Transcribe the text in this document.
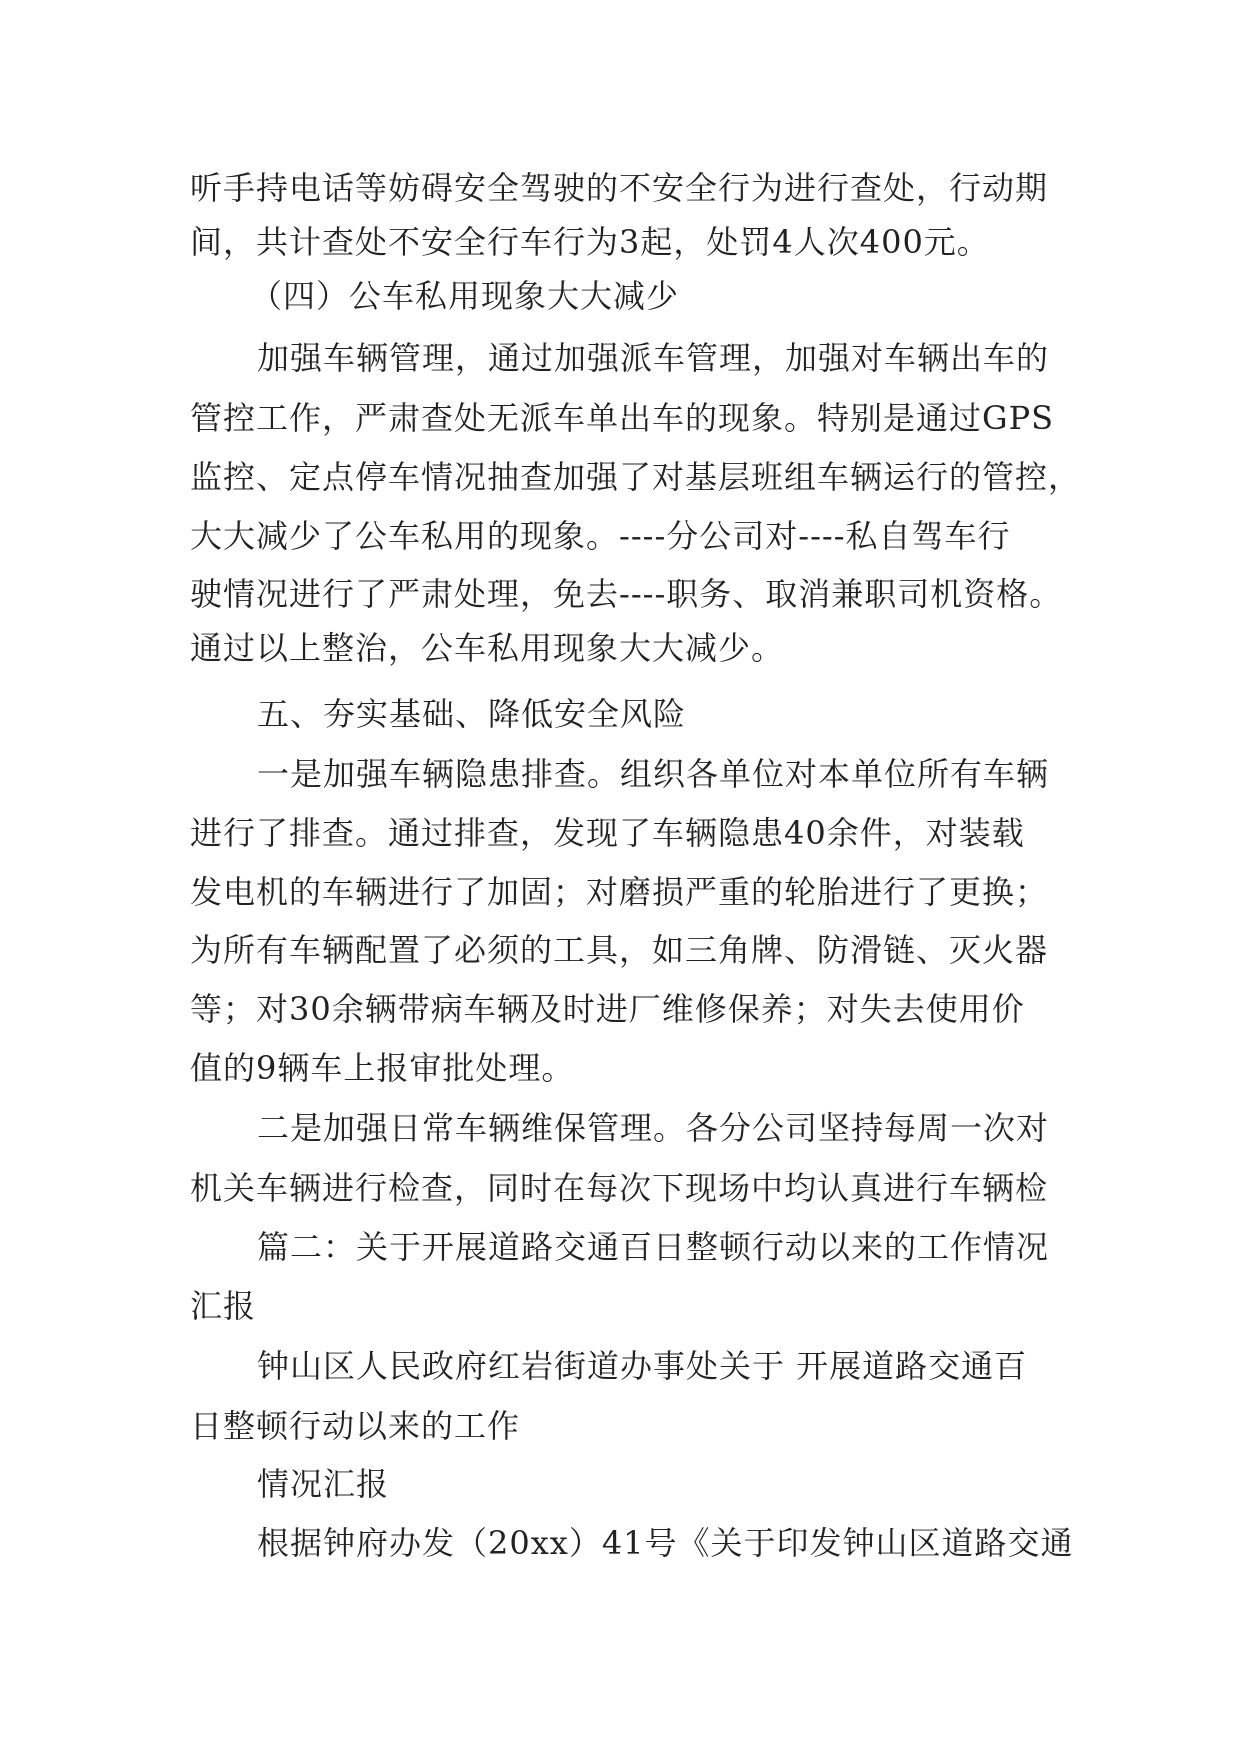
听手持电话等妨碍安全驾驶的不安全行为进行查处，行动期
间，共计查处不安全行车行为3起，处罚4人次400元。
（四）公车私用现象大大减少
加强车辆管理，通过加强派车管理，加强对车辆出车的
管控工作，严肃查处无派车单出车的现象。特别是通过GPS
监控、定点停车情况抽查加强了对基层班组车辆运行的管控，
大大减少了公车私用的现象。----分公司对----私自驾车行
驶情况进行了严肃处理，免去----职务、取消兼职司机资格。
通过以上整治，公车私用现象大大减少。
五、夯实基础、降低安全风险
一是加强车辆隐患排查。组织各单位对本单位所有车辆
进行了排查。通过排查，发现了车辆隐患40余件，对装载
发电机的车辆进行了加固；对磨损严重的轮胎进行了更换；
为所有车辆配置了必须的工具，如三角牌、防滑链、灭火器
等；对30余辆带病车辆及时进厂维修保养；对失去使用价
值的9辆车上报审批处理。
二是加强日常车辆维保管理。各分公司坚持每周一次对
机关车辆进行检查，同时在每次下现场中均认真进行车辆检
篇二：关于开展道路交通百日整顿行动以来的工作情况
汇报
钟山区人民政府红岩街道办事处关于 开展道路交通百
日整顿行动以来的工作
情况汇报
根据钟府办发（20xx）41号《关于印发钟山区道路交通
